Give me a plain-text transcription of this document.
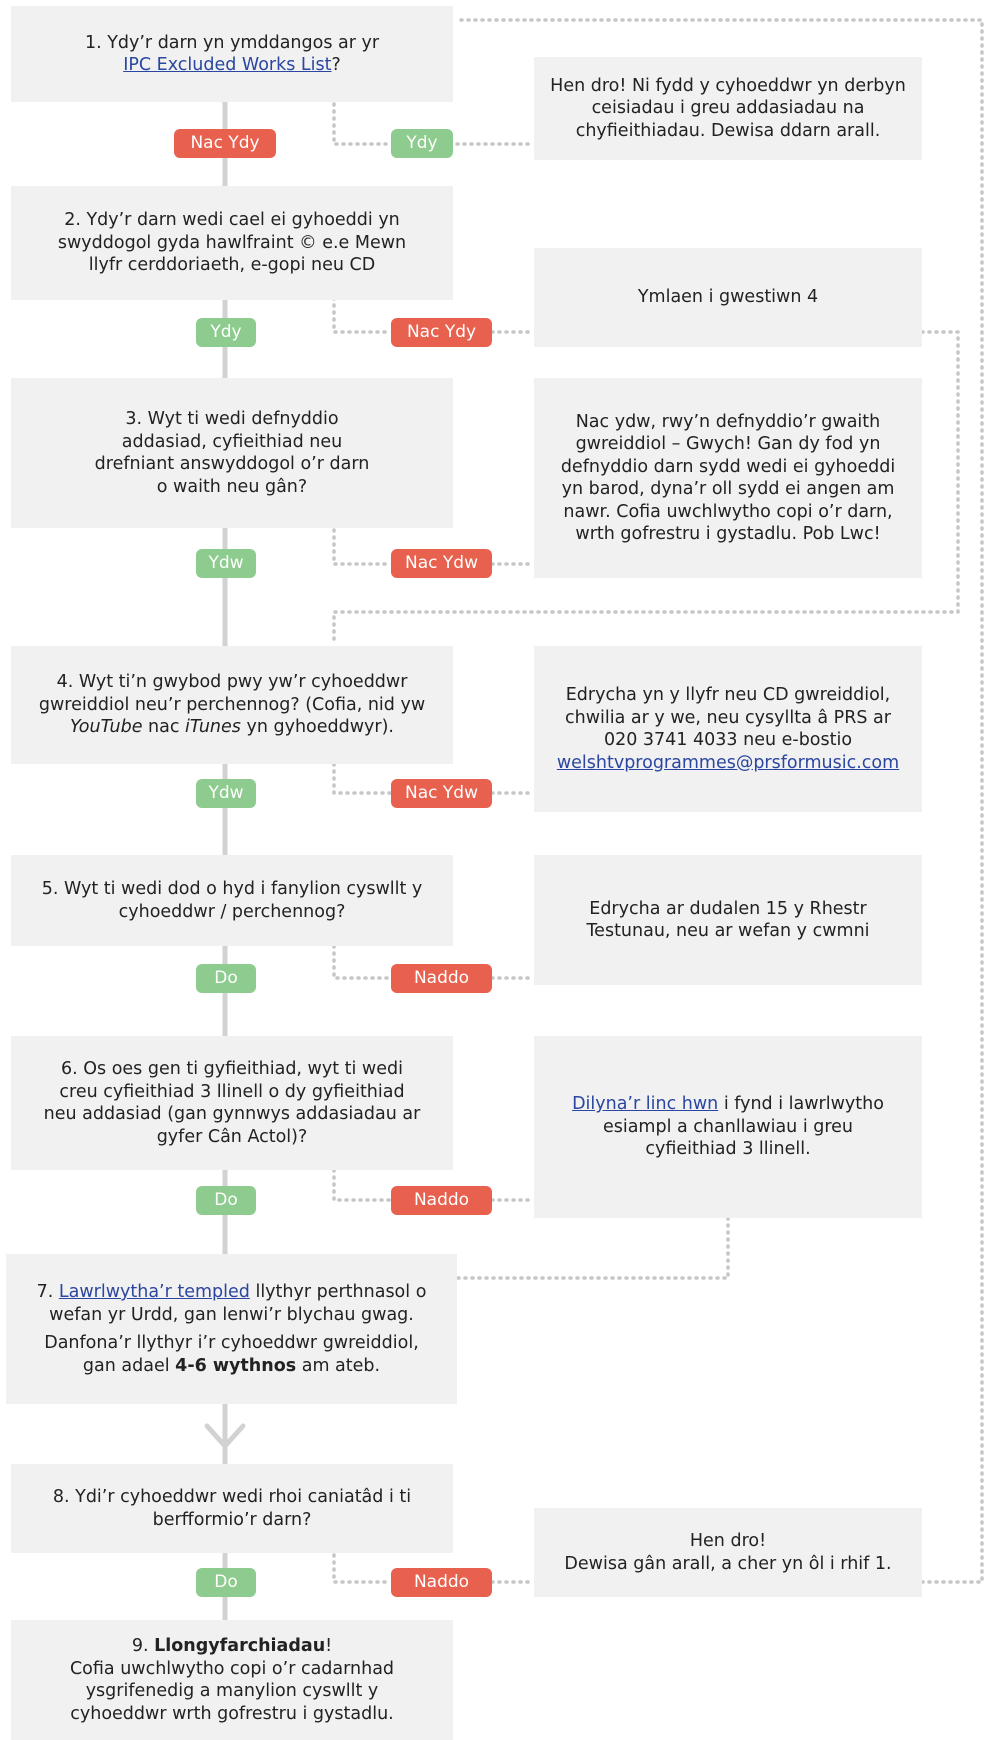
1. Ydy’r darn yn ymddangos ar yr
IPC Excluded Works List?

2. Ydy’r darn wedi cael ei gyhoeddi yn swyddogol gyda hawlfraint © e.e Mewn llyfr cerddoriaeth, e-gopi neu CD

3. Wyt ti wedi defnyddio addasiad, cyfieithiad neu drefniant answyddogol o’r darn o waith neu gân?

4. Wyt ti’n gwybod pwy yw’r cyhoeddwr gwreiddiol neu’r perchennog? (Cofia, nid yw YouTube nac iTunes yn gyhoeddwyr).

5. Wyt ti wedi dod o hyd i fanylion cyswllt y cyhoeddwr / perchennog?

6. Os oes gen ti gyfieithiad, wyt ti wedi creu cyfieithiad 3 llinell o dy gyfieithiad neu addasiad (gan gynnwys addasiadau ar gyfer Cân Actol)?

7. Lawrlwytha’r templed llythyr perthnasol o wefan yr Urdd, gan lenwi’r blychau gwag.

Danfona’r llythyr i’r cyhoeddwr gwreiddiol, gan adael 4-6 wythnos am ateb.

8. Ydi’r cyhoeddwr wedi rhoi caniatâd i ti berfformio’r darn?

9. Llongyfarchiadau!
Cofia uwchlwytho copi o’r cadarnhad ysgrifenedig a manylion cyswllt y cyhoeddwr wrth gofrestru i gystadlu.

Hen dro! Ni fydd y cyhoeddwr yn derbyn ceisiadau i greu addasiadau na chyfieithiadau. Dewisa ddarn arall.

Ymlaen i gwestiwn 4

Nac ydw, rwy’n defnyddio’r gwaith gwreiddiol – Gwych! Gan dy fod yn defnyddio darn sydd wedi ei gyhoeddi yn barod, dyna’r oll sydd ei angen am nawr. Cofia uwchlwytho copi o’r darn, wrth gofrestru i gystadlu. Pob Lwc!

Edrycha yn y llyfr neu CD gwreiddiol, chwilia ar y we, neu cysyllta â PRS ar 020 3741 4033 neu e-bostio
welshtvprogrammes@prsformusic.com

Edrycha ar dudalen 15 y Rhestr Testunau, neu ar wefan y cwmni

Dilyna’r linc hwn i fynd i lawrlwytho esiampl a chanllawiau i greu cyfieithiad 3 llinell.

Hen dro!
Dewisa gân arall, a cher yn ôl i rhif 1.

Nac Ydy	Ydy
Ydy	Nac Ydy
Ydw	Nac Ydw
Ydw	Nac Ydw
Do	Naddo
Do	Naddo
Do	Naddo
